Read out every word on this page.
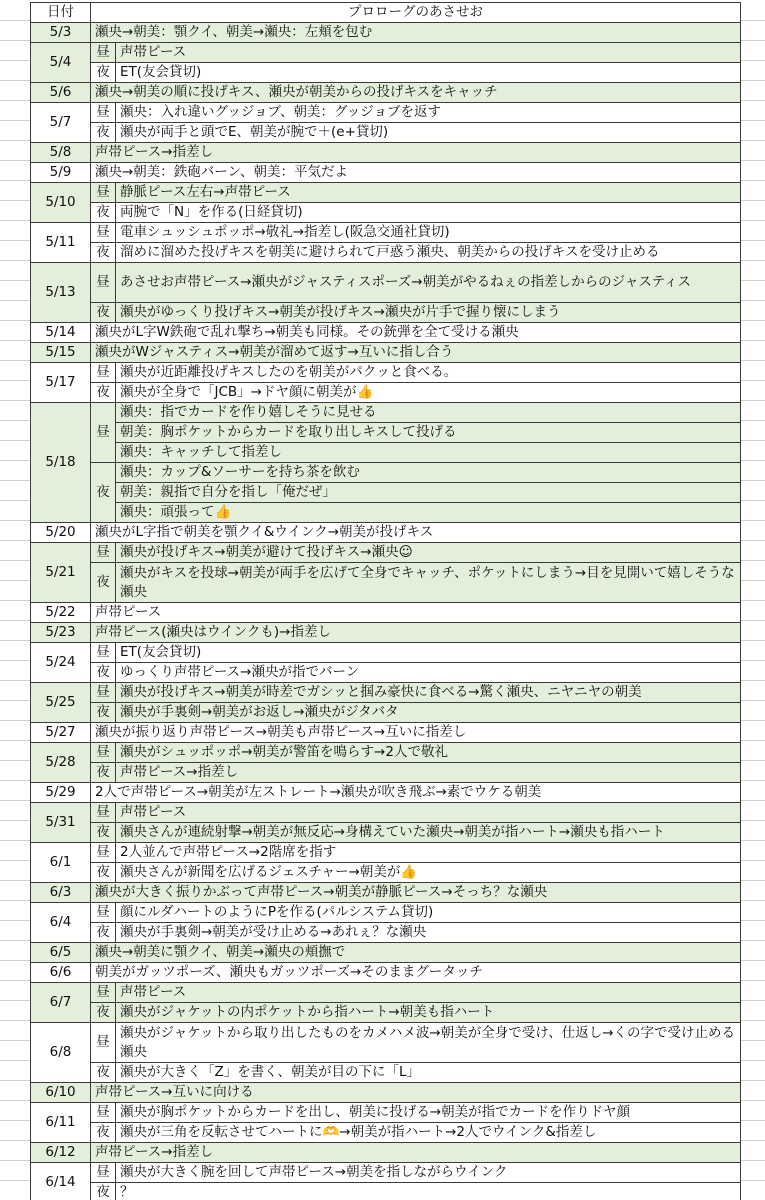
日付	プロローグのあさせお	
5/3	瀬央→朝美：顎クイ、朝美→瀬央：左頬を包む	
5/4	昼	声帯ピース
	夜	ET(友会貸切)
5/6	瀬央→朝美の順に投げキス、瀬央が朝美からの投げキスをキャッチ	
5/7	昼	瀬央：入れ違いグッジョブ、朝美：グッジョブを返す
	夜	瀬央が両手と頭でE、朝美が腕で＋(e+貸切)
5/8	声帯ピース→指差し	
5/9	瀬央→朝美：鉄砲バーン、朝美：平気だよ	
5/10	昼	静脈ピース左右→声帯ピース
	夜	両腕で「N」を作る(日経貸切)
5/11	昼	電車シュッシュポッポ→敬礼→指差し(阪急交通社貸切)
	夜	溜めに溜めた投げキスを朝美に避けられて戸惑う瀬央、朝美からの投げキスを受け止める
5/13	昼	あさせお声帯ピース→瀬央がジャスティスポーズ→朝美がやるねぇの指差しからのジャスティス
	夜	瀬央がゆっくり投げキス→朝美が投げキス→瀬央が片手で握り懐にしまう
5/14	瀬央がL字W鉄砲で乱れ撃ち→朝美も同様。その銃弾を全て受ける瀬央	
5/15	瀬央がWジャスティス→朝美が溜めて返す→互いに指し合う	
5/17	昼	瀬央が近距離投げキスしたのを朝美がパクッと食べる。
	夜	瀬央が全身で「JCB」→ドヤ顔に朝美が👍
5/18	昼	瀬央：指でカードを作り嬉しそうに見せる
		朝美：胸ポケットからカードを取り出しキスして投げる
		瀬央：キャッチして指差し
	夜	瀬央：カップ&ソーサーを持ち茶を飲む
		朝美：親指で自分を指し「俺だぜ」
		瀬央：頑張って👍
5/20	瀬央がL字指で朝美を顎クイ&ウインク→朝美が投げキス	
5/21	昼	瀬央が投げキス→朝美が避けて投げキス→瀬央☺
	夜	瀬央がキスを投球→朝美が両手を広げて全身でキャッチ、ポケットにしまう→目を見開いて嬉しそうな瀬央
5/22	声帯ピース	
5/23	声帯ピース(瀬央はウインクも)→指差し	
5/24	昼	ET(友会貸切)
	夜	ゆっくり声帯ピース→瀬央が指でバーン
5/25	昼	瀬央が投げキス→朝美が時差でガシッと掴み豪快に食べる→驚く瀬央、ニヤニヤの朝美
	夜	瀬央が手裏剣→朝美がお返し→瀬央がジタバタ
5/27	瀬央が振り返り声帯ピース→朝美も声帯ピース→互いに指差し	
5/28	昼	瀬央がシュッポッポ→朝美が警笛を鳴らす→2人で敬礼
	夜	声帯ピース→指差し
5/29	2人で声帯ピース→朝美が左ストレート→瀬央が吹き飛ぶ→素でウケる朝美	
5/31	昼	声帯ピース
	夜	瀬央さんが連続射撃→朝美が無反応→身構えていた瀬央→朝美が指ハート→瀬央も指ハート
6/1	昼	2人並んで声帯ピース→2階席を指す
	夜	瀬央さんが新聞を広げるジェスチャー→朝美が👍
6/3	瀬央が大きく振りかぶって声帯ピース→朝美が静脈ピース→そっち？な瀬央	
6/4	昼	顔にルダハートのようにPを作る(パルシステム貸切)
	夜	瀬央が手裏剣→朝美が受け止める→あれぇ？な瀬央
6/5	瀬央→朝美に顎クイ、朝美→瀬央の頬撫で	
6/6	朝美がガッツポーズ、瀬央もガッツポーズ→そのままグータッチ	
6/7	昼	声帯ピース
	夜	瀬央がジャケットの内ポケットから指ハート→朝美も指ハート
6/8	昼	瀬央がジャケットから取り出したものをカメハメ波→朝美が全身で受け、仕返し→くの字で受け止める瀬央
	夜	瀬央が大きく「Z」を書く、朝美が目の下に「L」
6/10	声帯ピース→互いに向ける	
6/11	昼	瀬央が胸ポケットからカードを出し、朝美に投げる→朝美が指でカードを作りドヤ顔
	夜	瀬央が三角を反転させてハートに🫶→朝美が指ハート→2人でウインク&指差し
6/12	声帯ピース→指差し	
6/14	昼	瀬央が大きく腕を回して声帯ピース→朝美を指しながらウインク
	夜	？
